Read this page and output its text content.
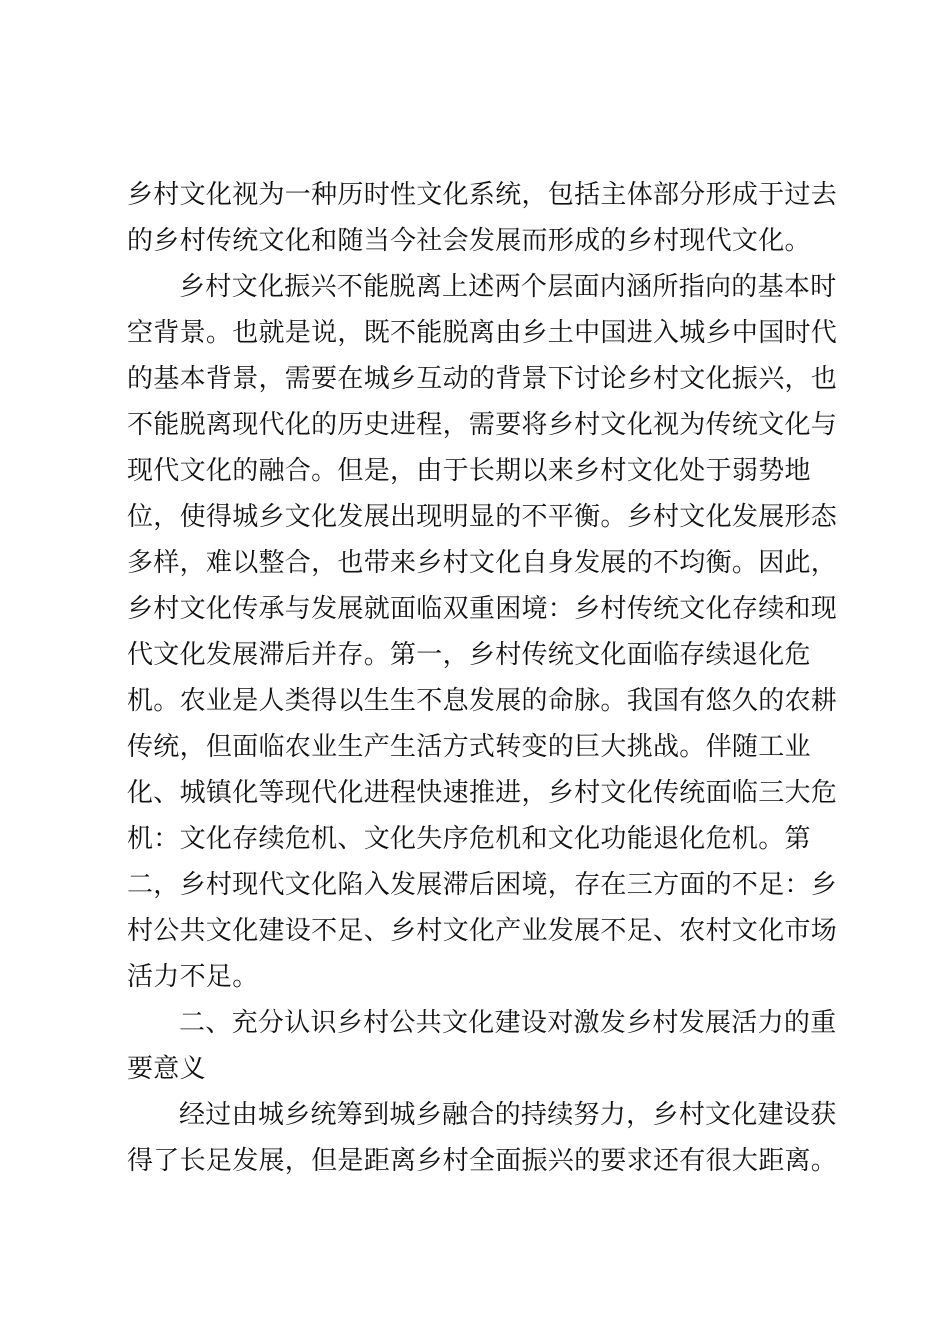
乡村文化视为一种历时性文化系统，包括主体部分形成于过去
的乡村传统文化和随当今社会发展而形成的乡村现代文化。
乡村文化振兴不能脱离上述两个层面内涵所指向的基本时
空背景。也就是说，既不能脱离由乡土中国进入城乡中国时代
的基本背景，需要在城乡互动的背景下讨论乡村文化振兴，也
不能脱离现代化的历史进程，需要将乡村文化视为传统文化与
现代文化的融合。但是，由于长期以来乡村文化处于弱势地
位，使得城乡文化发展出现明显的不平衡。乡村文化发展形态
多样，难以整合，也带来乡村文化自身发展的不均衡。因此，
乡村文化传承与发展就面临双重困境：乡村传统文化存续和现
代文化发展滞后并存。第一，乡村传统文化面临存续退化危
机。农业是人类得以生生不息发展的命脉。我国有悠久的农耕
传统，但面临农业生产生活方式转变的巨大挑战。伴随工业
化、城镇化等现代化进程快速推进，乡村文化传统面临三大危
机：文化存续危机、文化失序危机和文化功能退化危机。第
二，乡村现代文化陷入发展滞后困境，存在三方面的不足：乡
村公共文化建设不足、乡村文化产业发展不足、农村文化市场
活力不足。
二、充分认识乡村公共文化建设对激发乡村发展活力的重
要意义
经过由城乡统筹到城乡融合的持续努力，乡村文化建设获
得了长足发展，但是距离乡村全面振兴的要求还有很大距离。
